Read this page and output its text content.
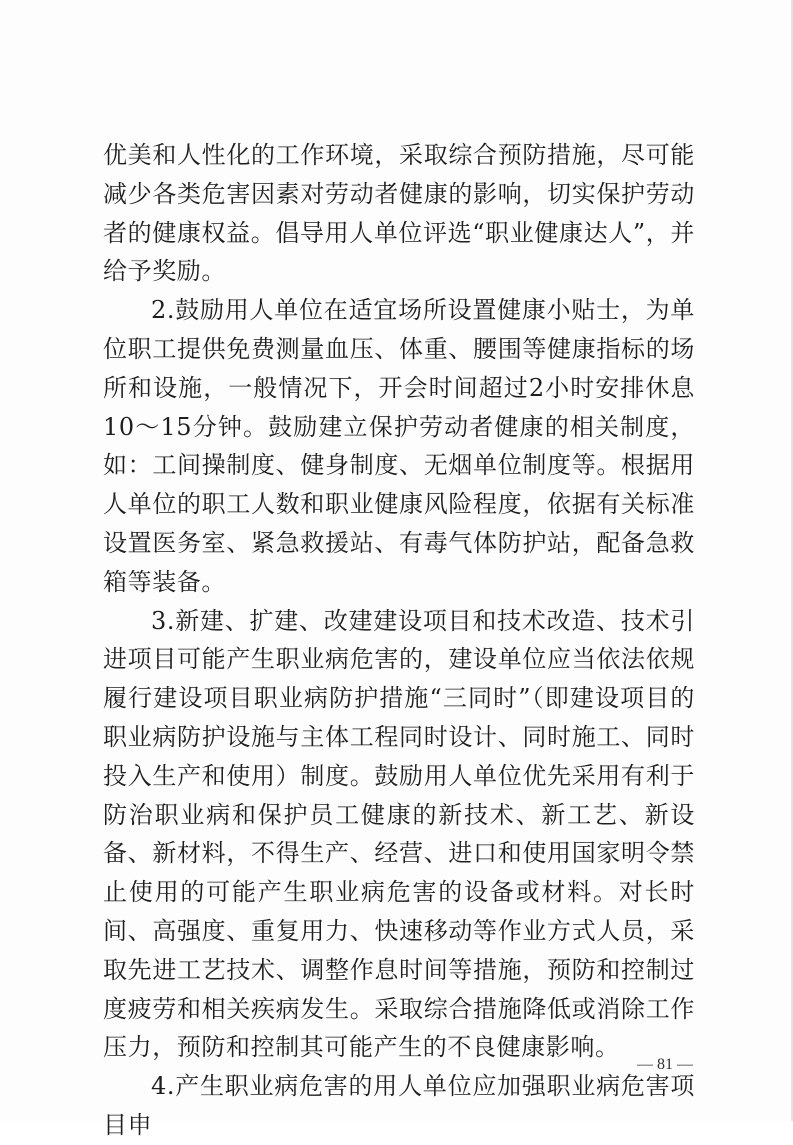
优美和人性化的工作环境，采取综合预防措施，尽可能减少各类危害因素对劳动者健康的影响，切实保护劳动者的健康权益。倡导用人单位评选“职业健康达人”，并给予奖励。

2.鼓励用人单位在适宜场所设置健康小贴士，为单位职工提供免费测量血压、体重、腰围等健康指标的场所和设施，一般情况下，开会时间超过2小时安排休息10～15分钟。鼓励建立保护劳动者健康的相关制度，如：工间操制度、健身制度、无烟单位制度等。根据用人单位的职工人数和职业健康风险程度，依据有关标准设置医务室、紧急救援站、有毒气体防护站，配备急救箱等装备。

3.新建、扩建、改建建设项目和技术改造、技术引进项目可能产生职业病危害的，建设单位应当依法依规履行建设项目职业病防护措施“三同时”（即建设项目的职业病防护设施与主体工程同时设计、同时施工、同时投入生产和使用）制度。鼓励用人单位优先采用有利于防治职业病和保护员工健康的新技术、新工艺、新设备、新材料，不得生产、经营、进口和使用国家明令禁止使用的可能产生职业病危害的设备或材料。对长时间、高强度、重复用力、快速移动等作业方式人员，采取先进工艺技术、调整作息时间等措施，预防和控制过度疲劳和相关疾病发生。采取综合措施降低或消除工作压力，预防和控制其可能产生的不良健康影响。

4.产生职业病危害的用人单位应加强职业病危害项目申

— 81 —
